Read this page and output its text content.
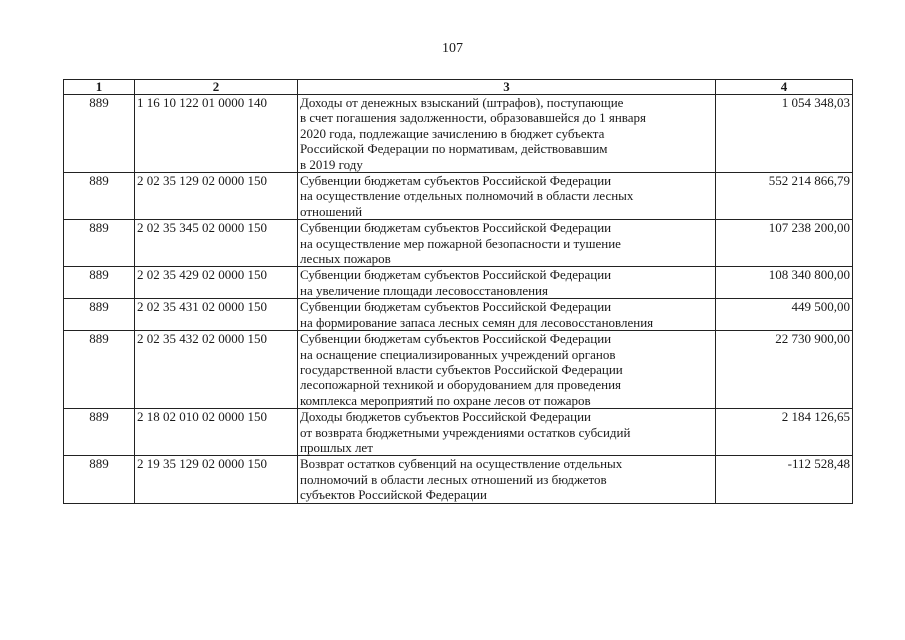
107
1	2	3	4
889	1 16 10 122 01 0000 140	Доходы от денежных взысканий (штрафов), поступающие
в счет погашения задолженности, образовавшейся до 1 января
2020 года, подлежащие зачислению в бюджет субъекта
Российской Федерации по нормативам, действовавшим
в 2019 году	1 054 348,03
889	2 02 35 129 02 0000 150	Субвенции бюджетам субъектов Российской Федерации
на осуществление отдельных полномочий в области лесных
отношений	552 214 866,79
889	2 02 35 345 02 0000 150	Субвенции бюджетам субъектов Российской Федерации
на осуществление мер пожарной безопасности и тушение
лесных пожаров	107 238 200,00
889	2 02 35 429 02 0000 150	Субвенции бюджетам субъектов Российской Федерации
на увеличение площади лесовосстановления	108 340 800,00
889	2 02 35 431 02 0000 150	Субвенции бюджетам субъектов Российской Федерации
на формирование запаса лесных семян для лесовосстановления	449 500,00
889	2 02 35 432 02 0000 150	Субвенции бюджетам субъектов Российской Федерации
на оснащение специализированных учреждений органов
государственной власти субъектов Российской Федерации
лесопожарной техникой и оборудованием для проведения
комплекса мероприятий по охране лесов от пожаров	22 730 900,00
889	2 18 02 010 02 0000 150	Доходы бюджетов субъектов Российской Федерации
от возврата бюджетными учреждениями остатков субсидий
прошлых лет	2 184 126,65
889	2 19 35 129 02 0000 150	Возврат остатков субвенций на осуществление отдельных
полномочий в области лесных отношений из бюджетов
субъектов Российской Федерации	-112 528,48
